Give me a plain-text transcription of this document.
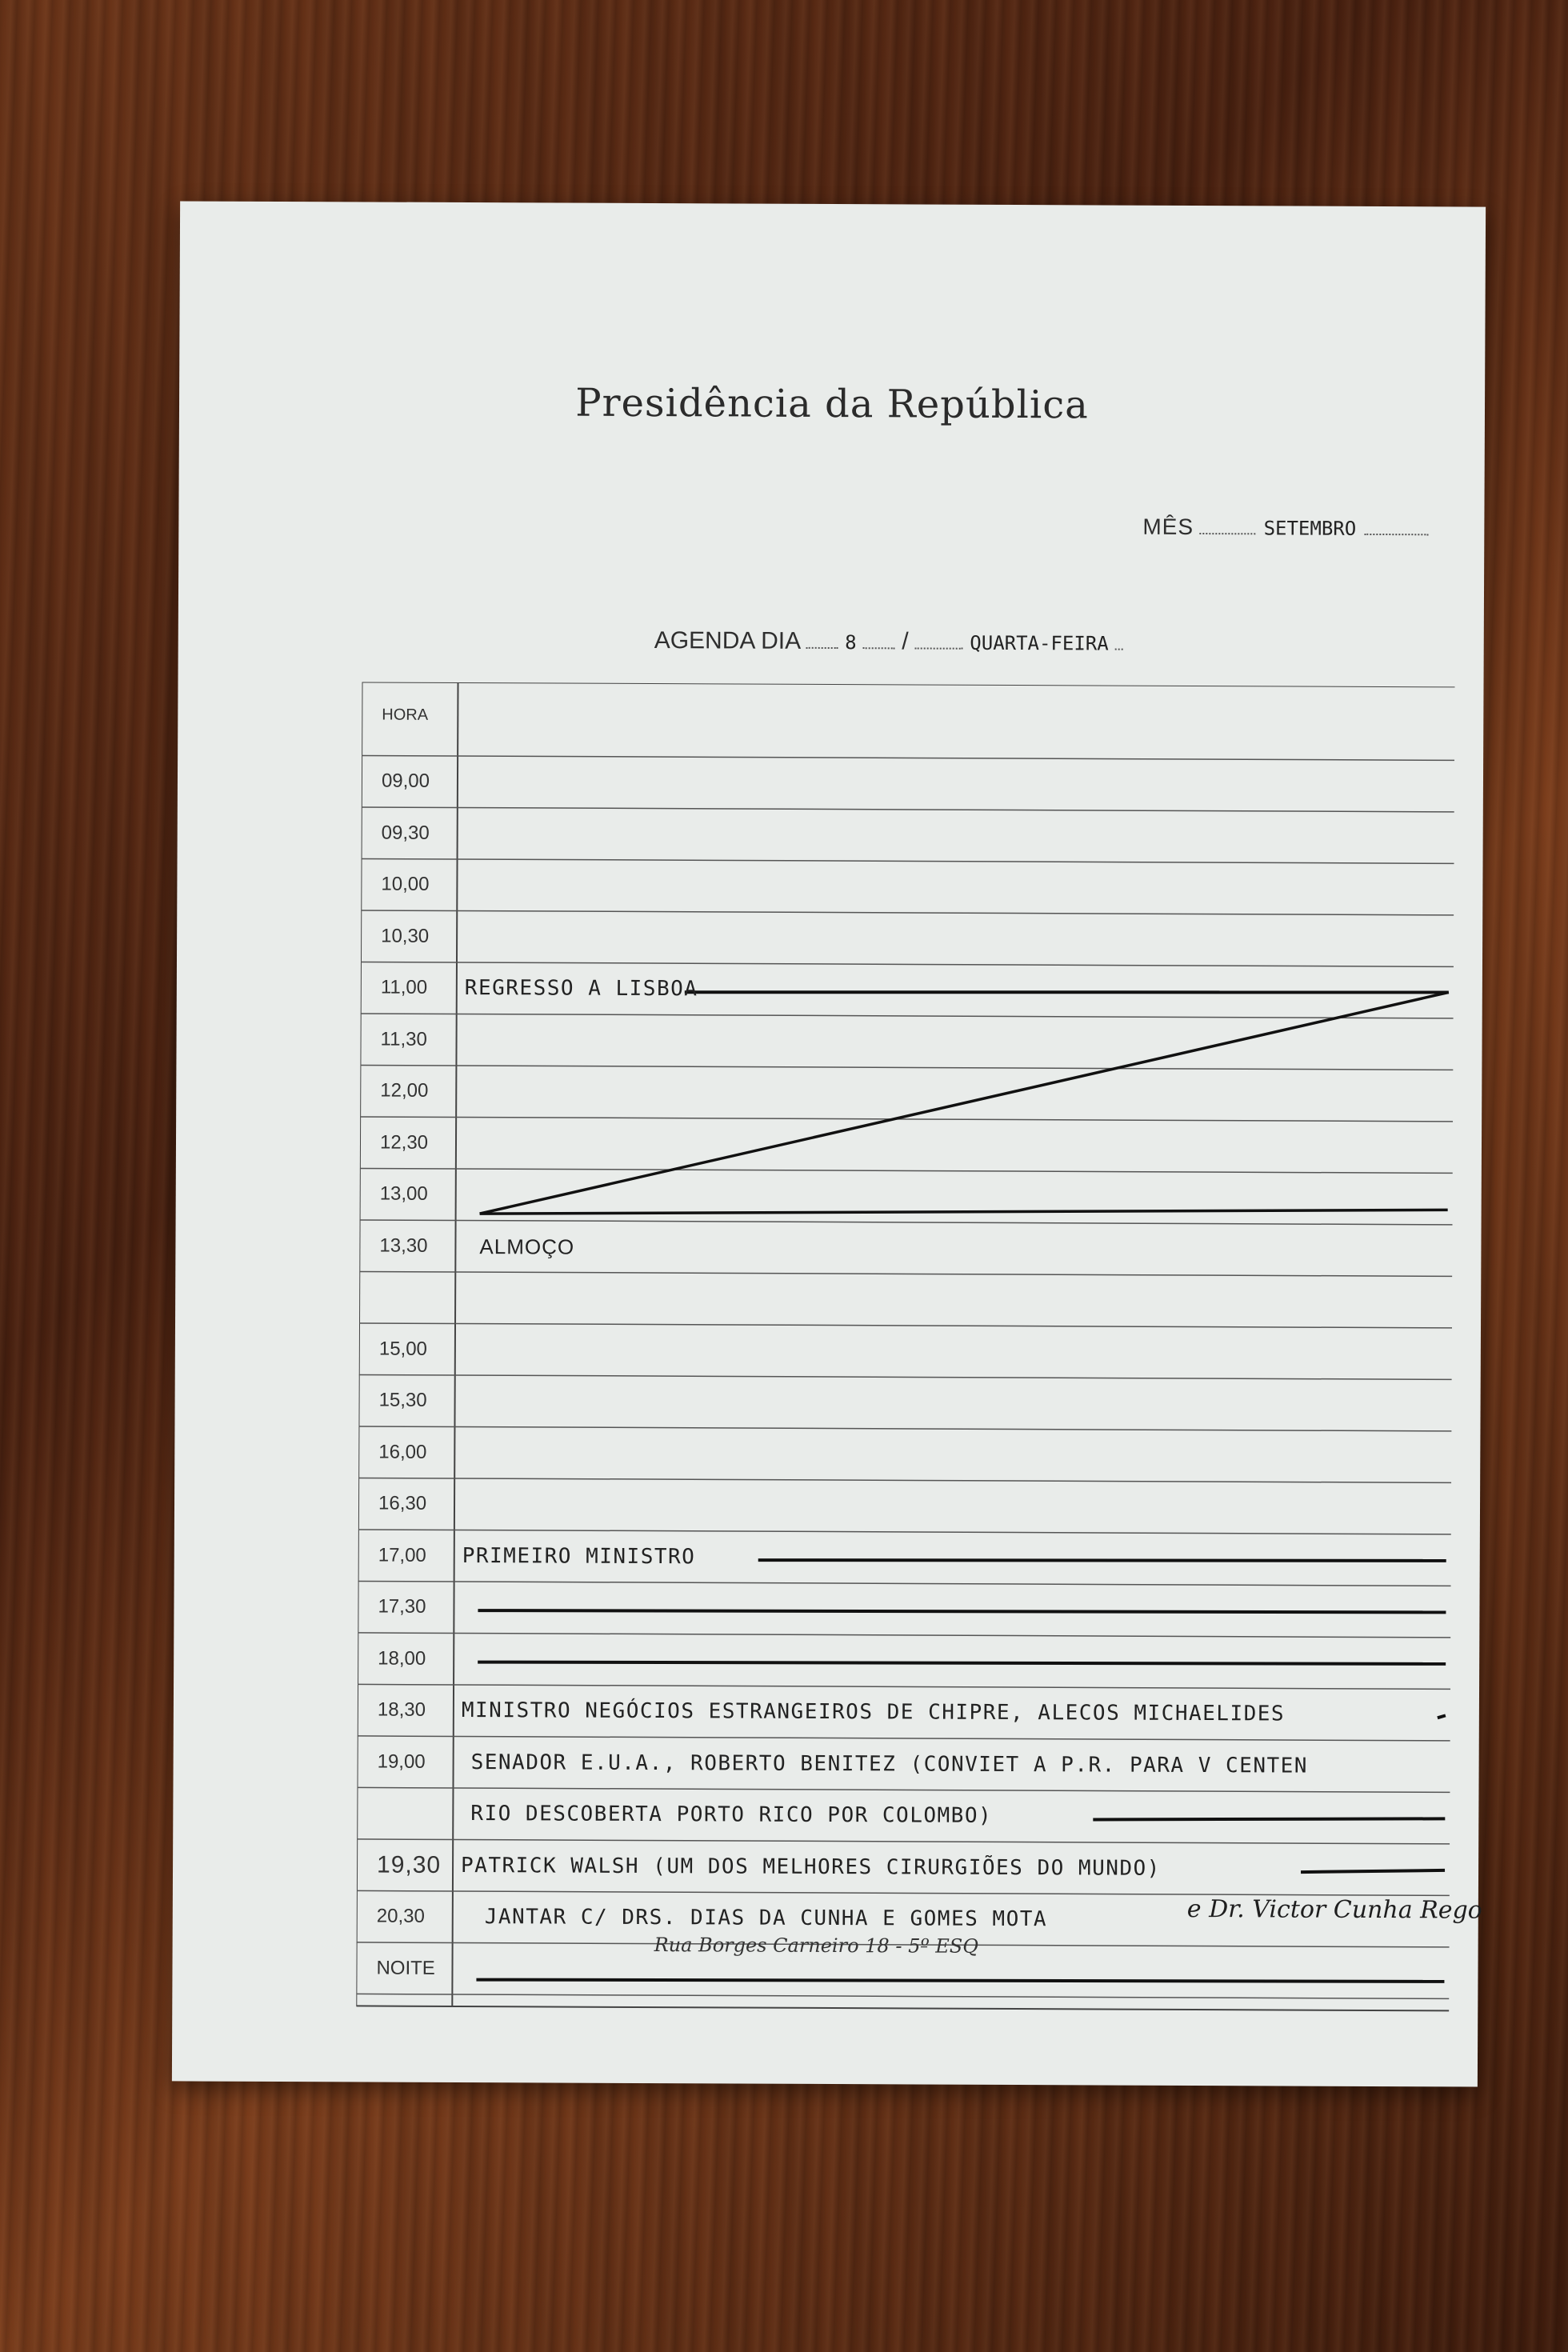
Presidência da República
MÊS	SETEMBRO
AGENDA DIA 8 /	QUARTA-FEIRA
HORA
09,00
09,30
10,00
10,30
11,00	REGRESSO A LISBOA
11,30
12,00
12,30
13,00
13,30	ALMOÇO
15,00
15,30
16,00
16,30
17,00	PRIMEIRO MINISTRO
17,30
18,00
18,30	MINISTRO NEGÓCIOS ESTRANGEIROS DE CHIPRE, ALECOS MICHAELIDES
19,00	SENADOR E.U.A., ROBERTO BENITEZ (CONVIET A P.R. PARA V CENTEN
RIO DESCOBERTA PORTO RICO POR COLOMBO)
19,30 PATRICK WALSH (UM DOS MELHORES CIRURGIÕES DO MUNDO)
20,30	JANTAR C/ DRS. DIAS DA CUNHA E GOMES MOTA
NOITE
e Dr. Victor Cunha Rego
Rua Borges Carneiro 18 - 5º ESQ
